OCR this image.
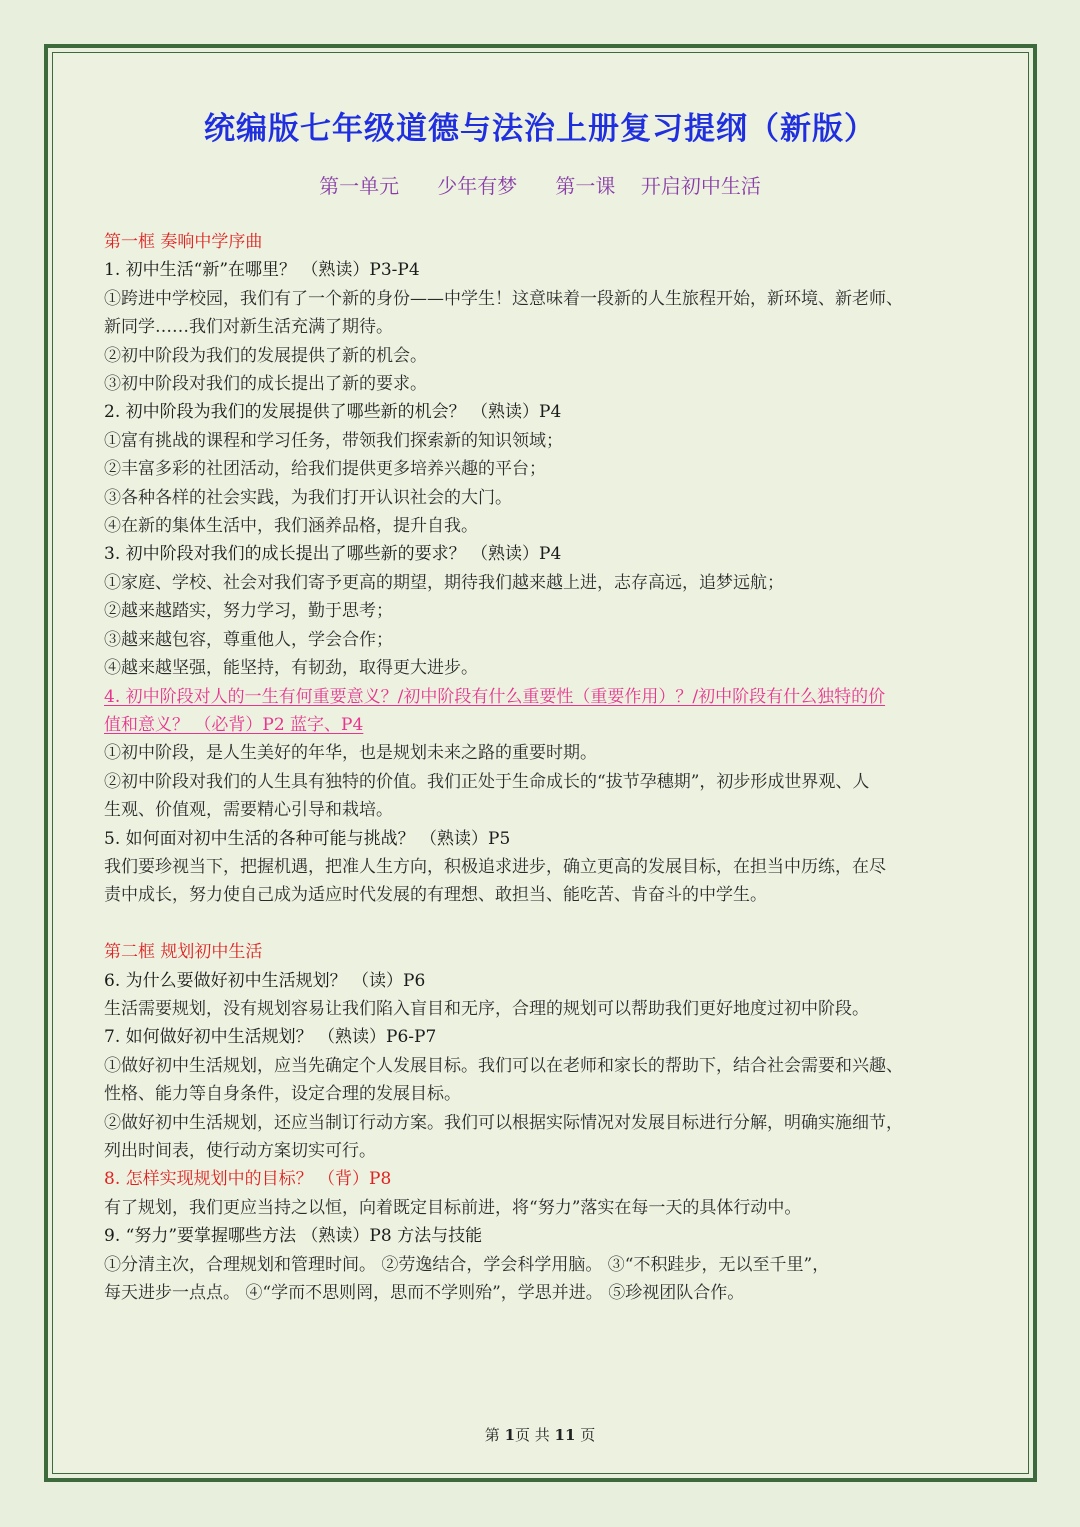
统编版七年级道德与法治上册复习提纲（新版）
第一单元      少年有梦      第一课    开启初中生活
第一框 奏响中学序曲
1. 初中生活“新”在哪里？ （熟读）P3-P4
①跨进中学校园，我们有了一个新的身份——中学生！这意味着一段新的人生旅程开始，新环境、新老师、
新同学……我们对新生活充满了期待。
②初中阶段为我们的发展提供了新的机会。
③初中阶段对我们的成长提出了新的要求。
2. 初中阶段为我们的发展提供了哪些新的机会？ （熟读）P4
①富有挑战的课程和学习任务，带领我们探索新的知识领域；
②丰富多彩的社团活动，给我们提供更多培养兴趣的平台；
③各种各样的社会实践，为我们打开认识社会的大门。
④在新的集体生活中，我们涵养品格，提升自我。
3. 初中阶段对我们的成长提出了哪些新的要求？ （熟读）P4
①家庭、学校、社会对我们寄予更高的期望，期待我们越来越上进，志存高远，追梦远航；
②越来越踏实，努力学习，勤于思考；
③越来越包容，尊重他人，学会合作；
④越来越坚强，能坚持，有韧劲，取得更大进步。
4. 初中阶段对人的一生有何重要意义？/初中阶段有什么重要性（重要作用）？/初中阶段有什么独特的价
值和意义？ （必背）P2 蓝字、P4
①初中阶段，是人生美好的年华，也是规划未来之路的重要时期。
②初中阶段对我们的人生具有独特的价值。我们正处于生命成长的“拔节孕穗期”，初步形成世界观、人
生观、价值观，需要精心引导和栽培。
5. 如何面对初中生活的各种可能与挑战？ （熟读）P5
我们要珍视当下，把握机遇，把准人生方向，积极追求进步，确立更高的发展目标，在担当中历练，在尽
责中成长，努力使自己成为适应时代发展的有理想、敢担当、能吃苦、肯奋斗的中学生。
第二框 规划初中生活
6. 为什么要做好初中生活规划？ （读）P6
生活需要规划，没有规划容易让我们陷入盲目和无序，合理的规划可以帮助我们更好地度过初中阶段。
7. 如何做好初中生活规划？ （熟读）P6-P7
①做好初中生活规划，应当先确定个人发展目标。我们可以在老师和家长的帮助下，结合社会需要和兴趣、
性格、能力等自身条件，设定合理的发展目标。
②做好初中生活规划，还应当制订行动方案。我们可以根据实际情况对发展目标进行分解，明确实施细节，
列出时间表，使行动方案切实可行。
8. 怎样实现规划中的目标？ （背）P8
有了规划，我们更应当持之以恒，向着既定目标前进，将“努力”落实在每一天的具体行动中。
9. “努力”要掌握哪些方法 （熟读）P8 方法与技能
①分清主次，合理规划和管理时间。 ②劳逸结合，学会科学用脑。 ③“不积跬步，无以至千里”，
每天进步一点点。 ④“学而不思则罔，思而不学则殆”，学思并进。 ⑤珍视团队合作。
第 1页 共 11 页
